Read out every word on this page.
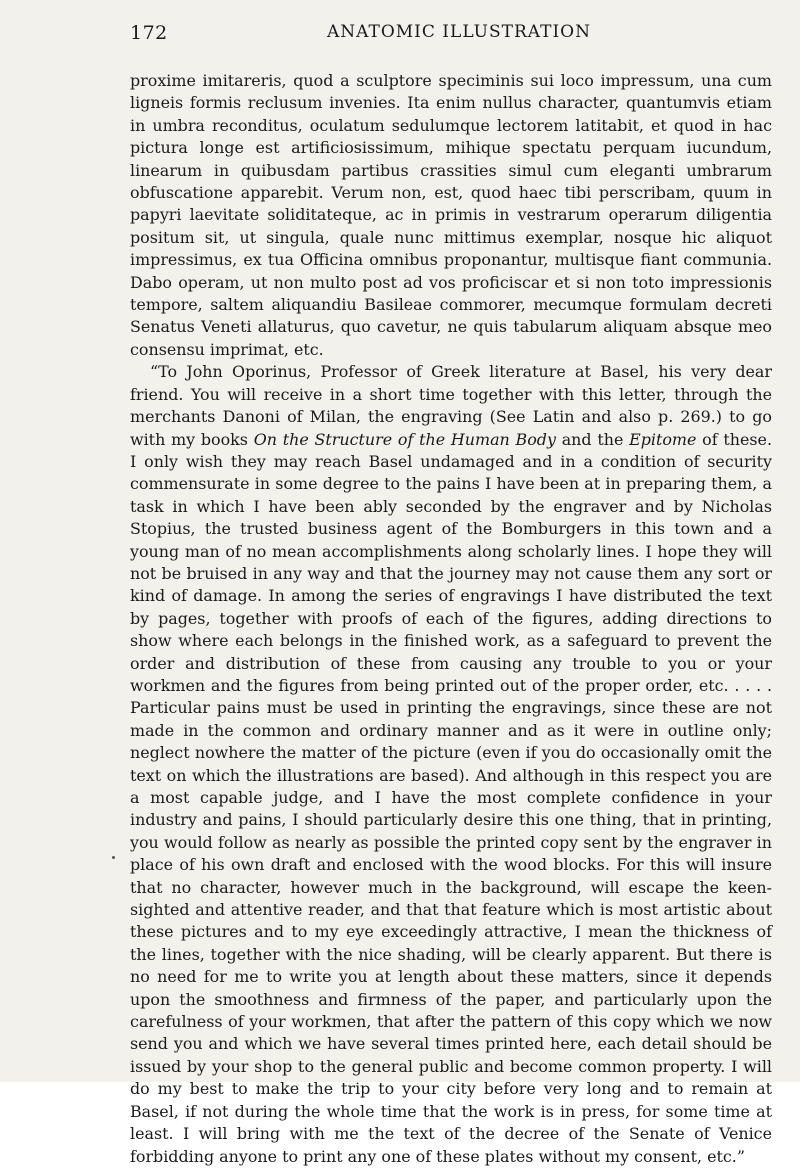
172	ANATOMIC ILLUSTRATION

proxime imitareris, quod a sculptore speciminis sui loco impressum, una cum ligneis formis reclusum invenies. Ita enim nullus character, quantumvis etiam in umbra reconditus, oculatum sedulumque lectorem latitabit, et quod in hac pictura longe est artificiosissimum, mihique spectatu perquam iucundum, linearum in quibusdam partibus crassities simul cum eleganti umbrarum obfuscatione apparebit. Verum non, est, quod haec tibi perscribam, quum in papyri laevitate soliditateque, ac in primis in vestrarum operarum diligentia positum sit, ut singula, quale nunc mittimus exemplar, nosque hic aliquot impressimus, ex tua Officina omnibus proponantur, multisque fiant communia. Dabo operam, ut non multo post ad vos proficiscar et si non toto impressionis tempore, saltem aliquandiu Basileae commorer, mecumque formulam decreti Senatus Veneti allaturus, quo cavetur, ne quis tabularum aliquam absque meo consensu imprimat, etc.

“To John Oporinus, Professor of Greek literature at Basel, his very dear friend. You will receive in a short time together with this letter, through the merchants Danoni of Milan, the engraving (See Latin and also p. 269.) to go with my books On the Structure of the Human Body and the Epitome of these. I only wish they may reach Basel undamaged and in a condition of security commensurate in some degree to the pains I have been at in preparing them, a task in which I have been ably seconded by the engraver and by Nicholas Stopius, the trusted business agent of the Bomburgers in this town and a young man of no mean accomplishments along scholarly lines. I hope they will not be bruised in any way and that the journey may not cause them any sort or kind of damage. In among the series of engravings I have distributed the text by pages, together with proofs of each of the figures, adding directions to show where each belongs in the finished work, as a safeguard to prevent the order and distribution of these from causing any trouble to you or your workmen and the figures from being printed out of the proper order, etc. . . . . Particular pains must be used in printing the engravings, since these are not made in the common and ordinary manner and as it were in outline only; neglect nowhere the matter of the picture (even if you do occasionally omit the text on which the illustrations are based). And although in this respect you are a most capable judge, and I have the most complete confidence in your industry and pains, I should particularly desire this one thing, that in printing, you would follow as nearly as possible the printed copy sent by the engraver in place of his own draft and enclosed with the wood blocks. For this will insure that no character, however much in the background, will escape the keen-sighted and attentive reader, and that that feature which is most artistic about these pictures and to my eye exceedingly attractive, I mean the thickness of the lines, together with the nice shading, will be clearly apparent. But there is no need for me to write you at length about these matters, since it depends upon the smoothness and firmness of the paper, and particularly upon the carefulness of your workmen, that after the pattern of this copy which we now send you and which we have several times printed here, each detail should be issued by your shop to the general public and become common property. I will do my best to make the trip to your city before very long and to remain at Basel, if not during the whole time that the work is in press, for some time at least. I will bring with me the text of the decree of the Senate of Venice forbidding anyone to print any one of these plates without my consent, etc.”
